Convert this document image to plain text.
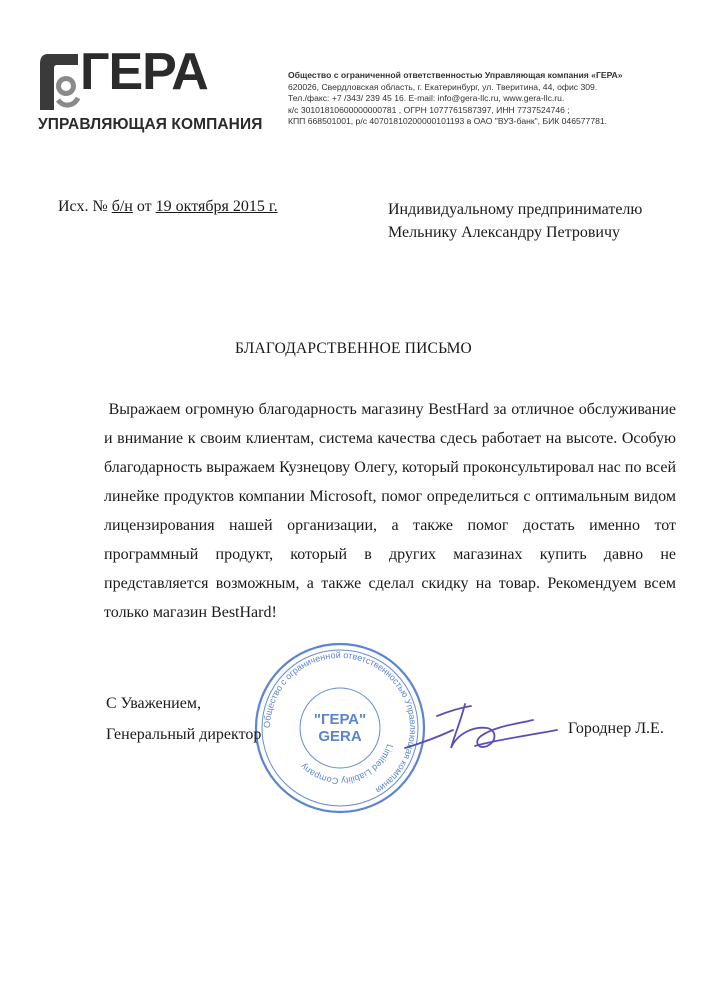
ГЕРА
УПРАВЛЯЮЩАЯ КОМПАНИЯ
Общество с ограниченной ответственностью Управляющая компания «ГЕРА»
620026, Свердловская область, г. Екатеринбург, ул. Тверитина, 44, офис 309.
Тел./факс: +7 /343/ 239 45 16. E-mail: info@gera-llc.ru, www.gera-llc.ru.
к/с 30101810600000000781 , ОГРН 1077761587397, ИНН 7737524746 ;
КПП 668501001, р/с 40701810200000101193 в ОАО "ВУЗ-банк", БИК 046577781.
Исх. № б/н от 19 октября 2015 г.	Индивидуальному предпринимателю
Мельнику Александру Петровичу
БЛАГОДАРСТВЕННОЕ ПИСЬМО
Выражаем огромную благодарность магазину BestHard за отличное обслуживание и внимание к своим клиентам, система качества сдесь работает на высоте. Особую благодарность выражаем Кузнецову Олегу, который проконсультировал нас по всей линейке продуктов компании Microsoft, помог определиться с оптимальным видом лицензирования нашей организации, а также помог достать именно тот программный продукт, который в других магазинах купить давно не представляется возможным, а также сделал скидку на товар. Рекомендуем всем только магазин BestHard!
Общество с ограниченной ответственностью Управляющая компания
Limited Liability Company
"ГЕРА"
GERA
С Уважением,
Генеральный директор	Городнер Л.Е.
